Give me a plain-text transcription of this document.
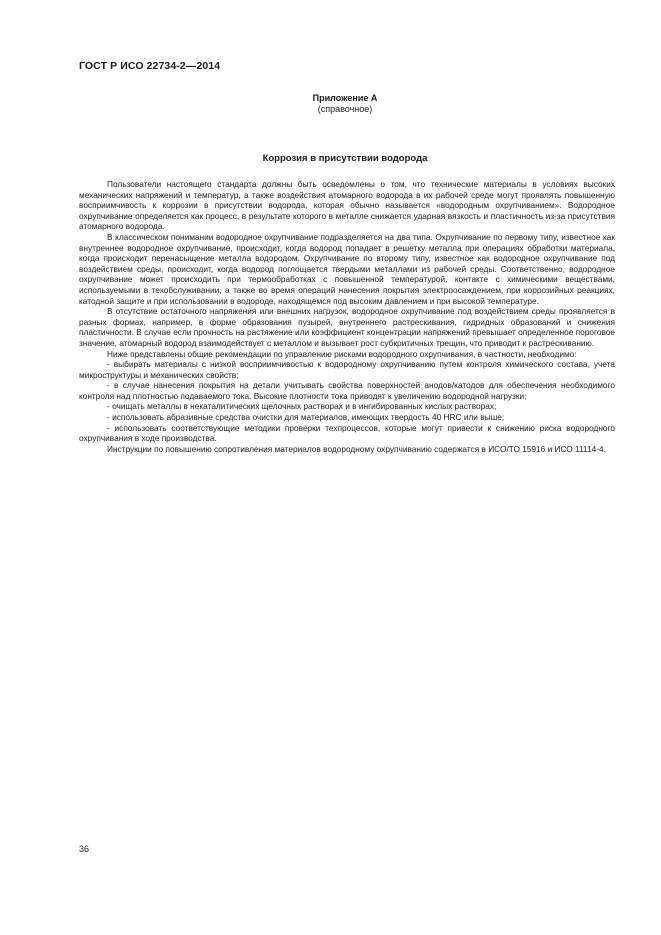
ГОСТ Р ИСО 22734-2—2014
Приложение А
(справочное)
Коррозия в присутствии водорода

Пользователи настоящего стандарта должны быть осведомлены о том, что технические материалы в условиях высоких механических напряжений и температур, а также воздействия атомарного водорода в их рабочей среде могут проявлять повышенную восприимчивость к коррозии в присутствии водорода, которая обычно называется «водородным охрупчиванием». Водородное охрупчивание определяется как процесс, в результате которого в металле снижается ударная вязкость и пластичность из-за присутствия атомарного водорода.

В классическом понимании водородное охрупчивание подразделяется на два типа. Охрупчивание по первому типу, известное как внутреннее водородное охрупчивание, происходит, когда водород попадает в решетку металла при операциях обработки материала, когда происходит перенасыщение металла водородом. Охрупчивание по второму типу, известное как водородное охрупчивание под воздействием среды, происходит, когда водород поглощается твердыми металлами из рабочей среды. Соответственно, водородное охрупчивание может происходить при термообработках с повышенной температурой, контакте с химическими веществами, используемыми в техобслуживании, а также во время операций нанесения покрытия электроосаждением, при коррозийных реакциях, катодной защите и при использовании в водороде, находящемся под высоким давлением и при высокой температуре.

В отсутствие остаточного напряжения или внешних нагрузок, водородное охрупчивание под воздействием среды проявляется в разных формах, например, в форме образования пузырей, внутреннего растрескивания, гидридных образований и снижения пластичности. В случае если прочность на растяжение или коэффициент концентрации напряжений превышает определенное пороговое значение, атомарный водород взаимодействует с металлом и вызывает рост субкритичных трещин, что приводит к растрескиванию.

Ниже представлены общие рекомендации по управлению рисками водородного охрупчивания, в частности, необходимо:

- выбирать материалы с низкой восприимчивостью к водородному охрупчиванию путем контроля химического состава, учета микроструктуры и механических свойств;

- в случае нанесения покрытия на детали учитывать свойства поверхностей анодов/катодов для обеспечения необходимого контроля над плотностью подаваемого тока. Высокие плотности тока приводят к увеличению водородной нагрузки;

- очищать металлы в некаталитических щелочных растворах и в ингибированных кислых растворах;

- использовать абразивные средства очистки для материалов, имеющих твердость 40 HRC или выше;

- использовать соответствующие методики проверки техпроцессов, которые могут привести к снижению риска водородного охрупчивания в ходе производства.

Инструкции по повышению сопротивления материалов водородному охрупчиванию содержатся в ИСО/ТО 15916 и ИСО 11114-4.

36
